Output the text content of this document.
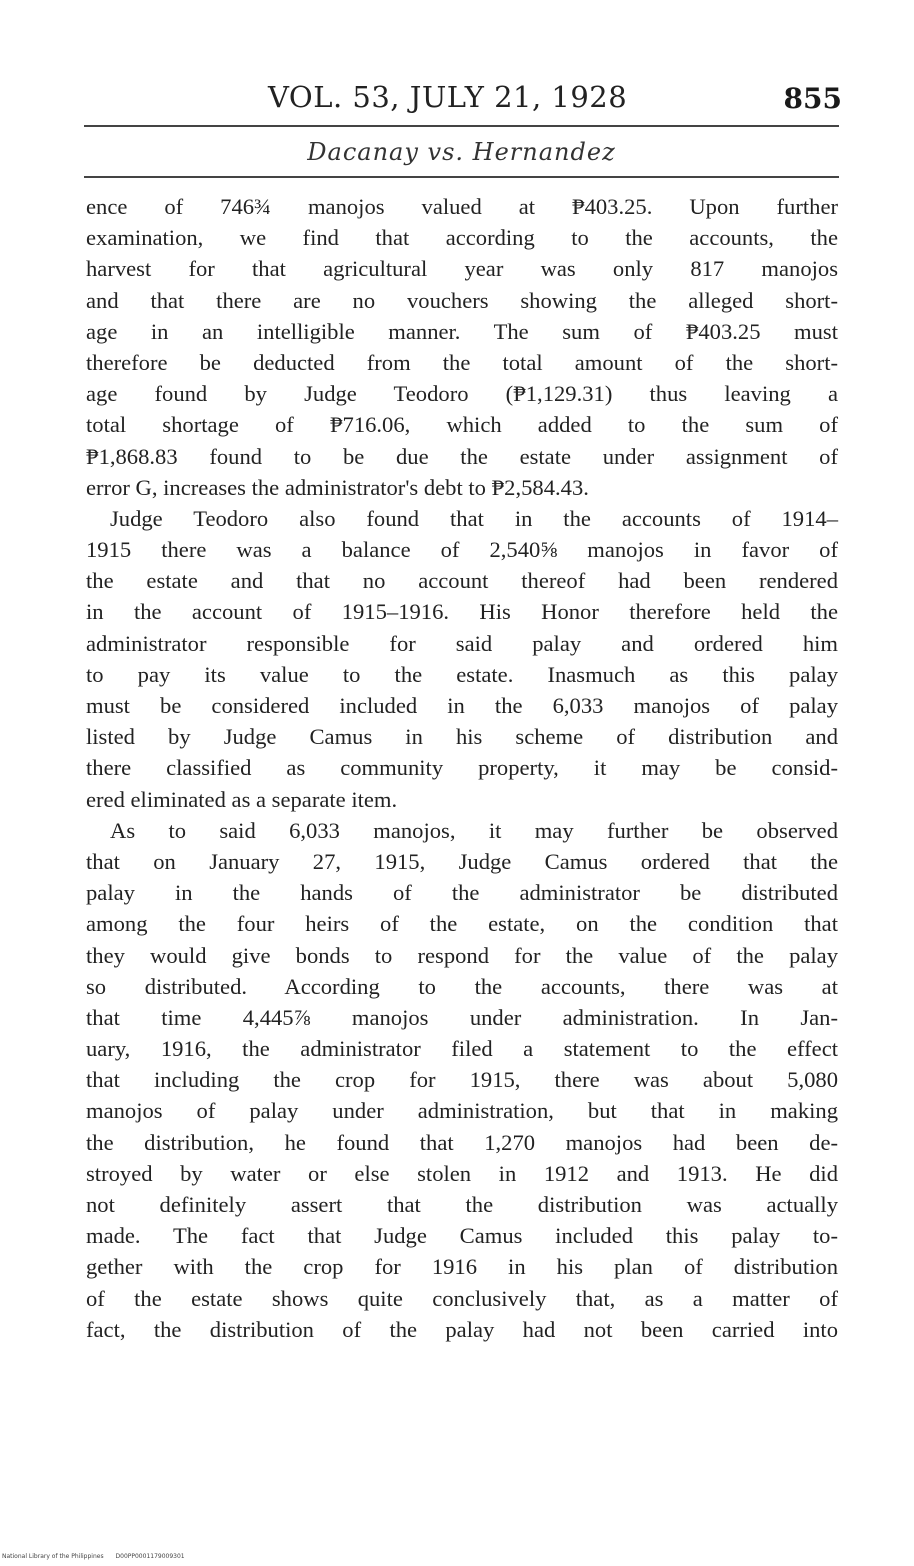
VOL. 53, JULY 21, 1928	855
Dacanay vs. Hernandez
ence of 746¾ manojos valued at ₱403.25. Upon further
examination, we find that according to the accounts, the
harvest for that agricultural year was only 817 manojos
and that there are no vouchers showing the alleged short-
age in an intelligible manner. The sum of ₱403.25 must
therefore be deducted from the total amount of the short-
age found by Judge Teodoro (₱1,129.31) thus leaving a
total shortage of ₱716.06, which added to the sum of
₱1,868.83 found to be due the estate under assignment of
error G, increases the administrator's debt to ₱2,584.43.
Judge Teodoro also found that in the accounts of 1914–
1915 there was a balance of 2,540⅝ manojos in favor of
the estate and that no account thereof had been rendered
in the account of 1915–1916. His Honor therefore held the
administrator responsible for said palay and ordered him
to pay its value to the estate. Inasmuch as this palay
must be considered included in the 6,033 manojos of palay
listed by Judge Camus in his scheme of distribution and
there classified as community property, it may be consid-
ered eliminated as a separate item.
As to said 6,033 manojos, it may further be observed
that on January 27, 1915, Judge Camus ordered that the
palay in the hands of the administrator be distributed
among the four heirs of the estate, on the condition that
they would give bonds to respond for the value of the palay
so distributed. According to the accounts, there was at
that time 4,445⅞ manojos under administration. In Jan-
uary, 1916, the administrator filed a statement to the effect
that including the crop for 1915, there was about 5,080
manojos of palay under administration, but that in making
the distribution, he found that 1,270 manojos had been de-
stroyed by water or else stolen in 1912 and 1913. He did
not definitely assert that the distribution was actually
made. The fact that Judge Camus included this palay to-
gether with the crop for 1916 in his plan of distribution
of the estate shows quite conclusively that, as a matter of
fact, the distribution of the palay had not been carried into
National Library of the Philippines D00PP0001179009301
